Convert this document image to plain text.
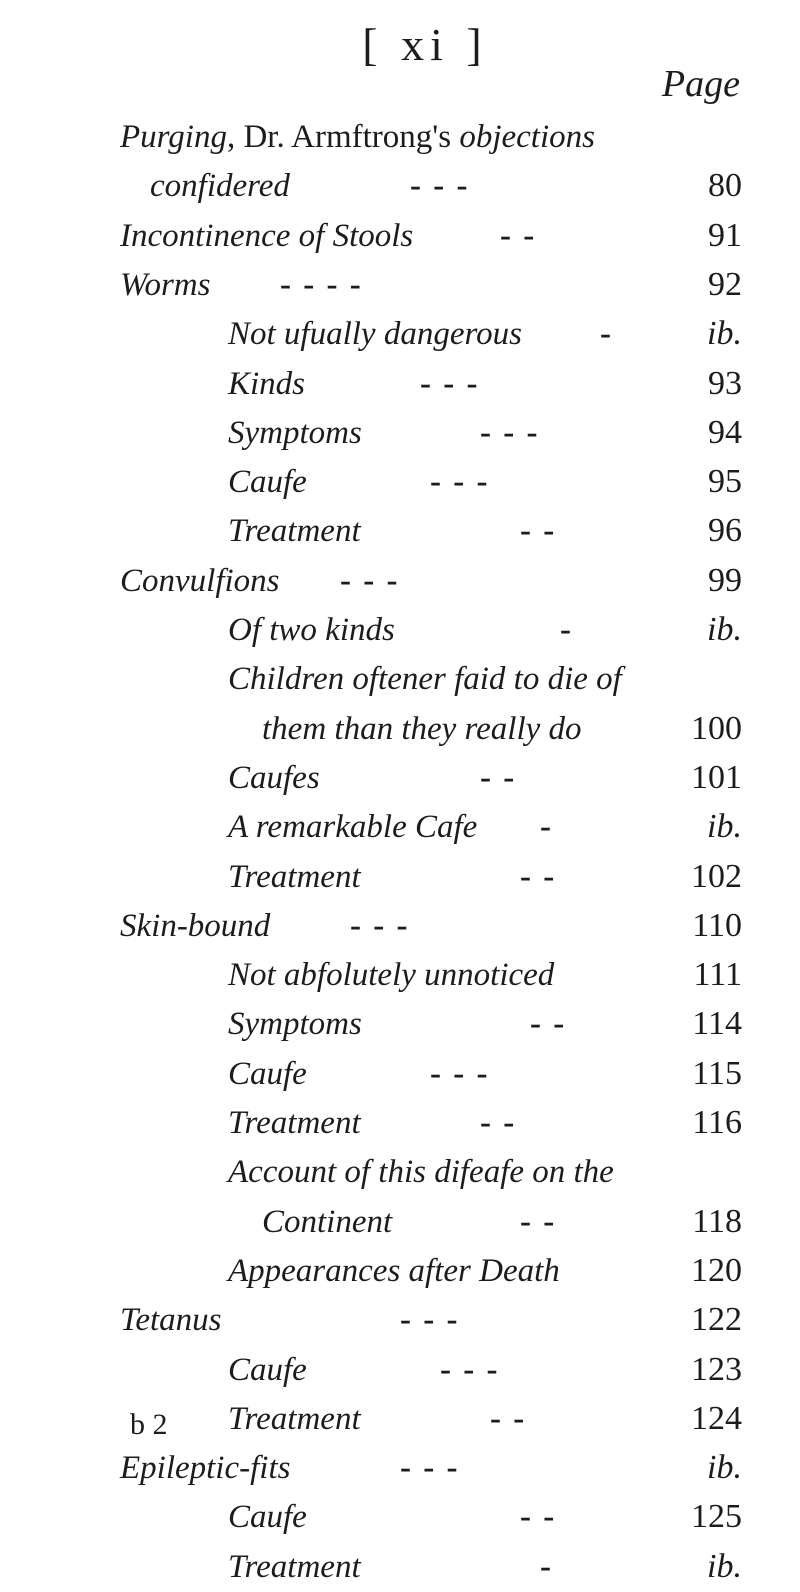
[ xi ]
Page
Purging, Dr. Armftrong's objections
confidered	- - -	80
Incontinence of Stools	- -	91
Worms - - - -	92
Not ufually dangerous -	ib.
Kinds	- - -	93
Symptoms	- - -	94
Caufe	- - -	95
Treatment	- -	96
Convulfions - - -	99
Of two kinds	-	ib.
Children oftener faid to die of
them than they really do	100
Caufes	- -	101
A remarkable Cafe -	ib.
Treatment	- -	102
Skin-bound - - -	110
Not abfolutely unnoticed	111
Symptoms	- -	114
Caufe	- - -	115
Treatment	- -	116
Account of this difeafe on the
Continent	- -	118
Appearances after Death	120
Tetanus	- - -	122
Caufe	- - -	123
Treatment	- -	124
Epileptic-fits	- - -	ib.
Caufe	- -	125
Treatment	-	ib.
b 2
